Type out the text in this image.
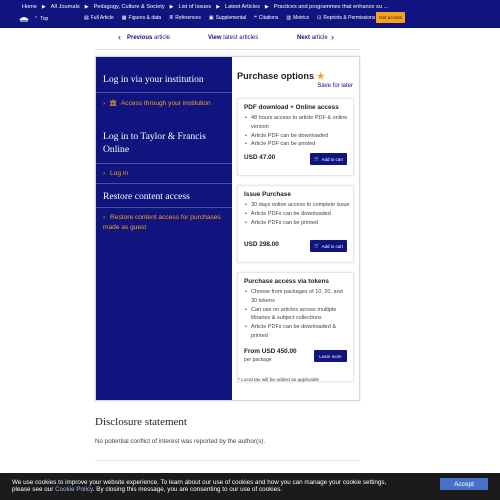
Home ▶ All Journals ▶ Pedagogy, Culture & Society ▶ List of Issues ▶ Latest Articles ▶ Practices and programmes that enhance su ...
⌃ Top	▤ Full Article ▦ Figures & data ≣ References ▣ Supplemental ❝ Citations ▥ Metrics ⊡ Reprints & Permissions Get access
‹ Previous article	View latest articles	Next article ›
Log in via your institution
› 🏛 Access through your institution
Log in to Taylor & Francis Online
› Log in
Restore content access
› Restore content access for purchases made as guest
Purchase options ★
Save for later
PDF download + Online access
• 48 hours access to article PDF & online version
• Article PDF can be downloaded
• Article PDF can be printed
USD 47.00	🛒 Add to cart
Issue Purchase
• 30 days online access to complete issue
• Article PDFs can be downloaded
• Article PDFs can be printed
USD 298.00	🛒 Add to cart
Purchase access via tokens
• Choose from packages of 10, 20, and 30 tokens
• Can use on articles across multiple libraries & subject collections
• Article PDFs can be downloaded & printed
From USD 450.00
per package
Learn more
* Local tax will be added as applicable
Disclosure statement
No potential conflict of interest was reported by the author(s).
We use cookies to improve your website experience. To learn about our use of cookies and how you can manage your cookie settings,
please see our Cookie Policy. By closing this message, you are consenting to our use of cookies.
Accept
